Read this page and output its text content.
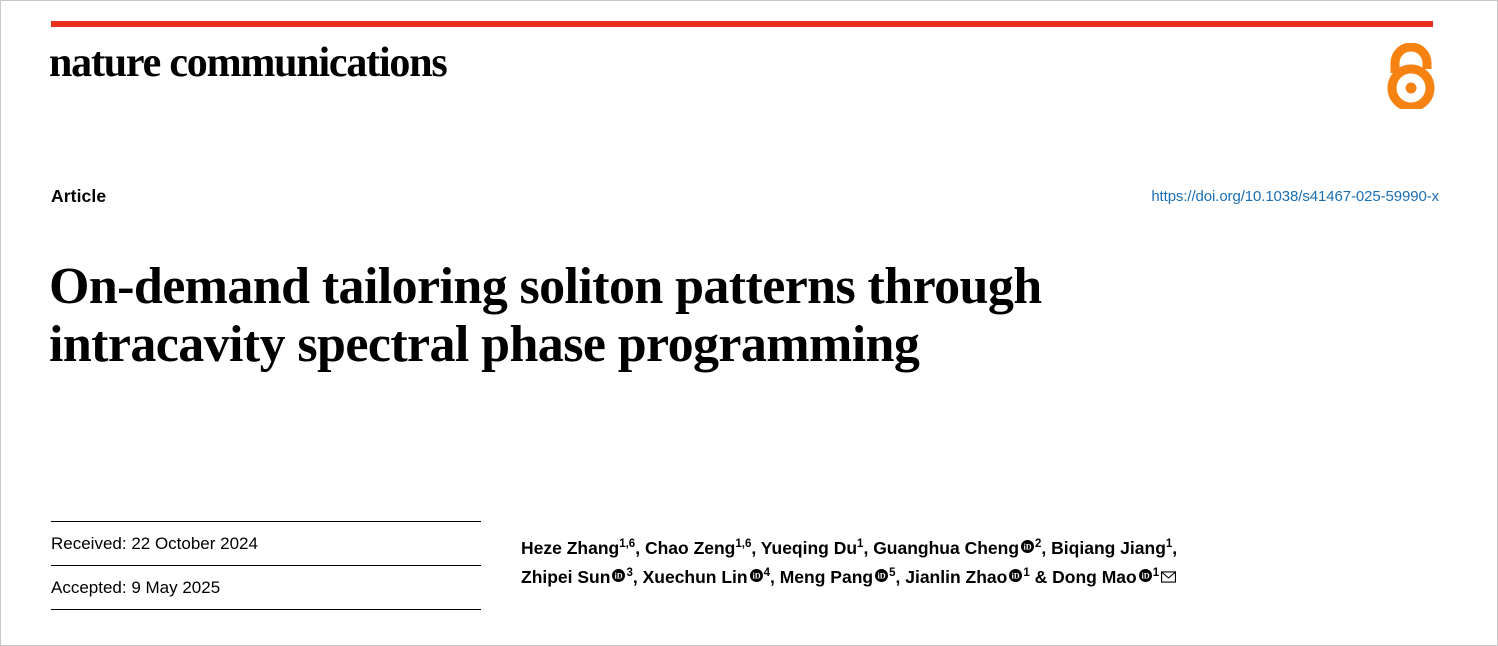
nature communications
Article	https://doi.org/10.1038/s41467-025-59990-x
On-demand tailoring soliton patterns through intracavity spectral phase programming
Received: 22 October 2024
Accepted: 9 May 2025
Heze Zhang$^{1,6}$, Chao Zeng$^{1,6}$, Yueqing Du$^1$, Guanghua Cheng iD $^2$, Biqiang Jiang$^1$,
Zhipei Sun iD $^3$, Xuechun Lin iD $^4$, Meng Pang iD $^5$, Jianlin Zhao iD $^1$ & Dong Mao iD $^1$
